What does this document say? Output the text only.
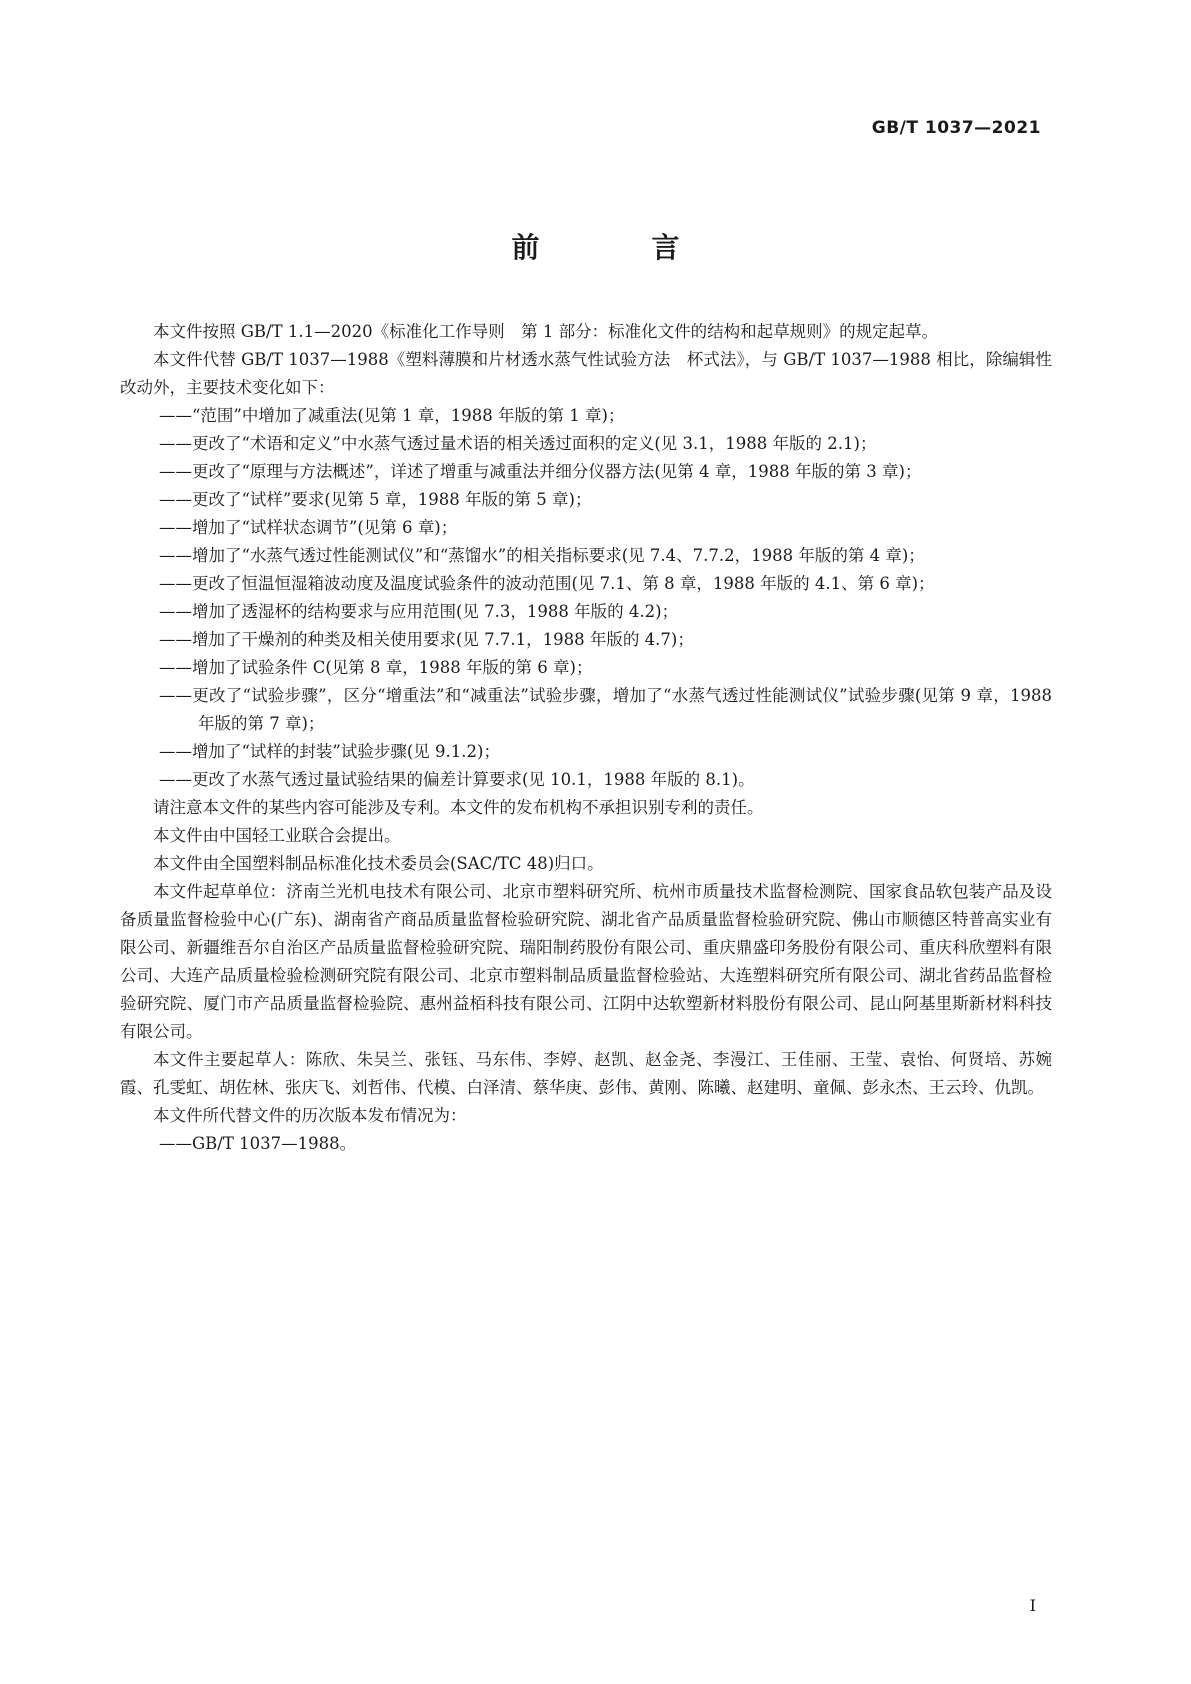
GB/T 1037—2021
前　言

本文件按照 GB/T 1.1—2020《标准化工作导则　第 1 部分：标准化文件的结构和起草规则》的规定起草。

本文件代替 GB/T 1037—1988《塑料薄膜和片材透水蒸气性试验方法　杯式法》，与 GB/T 1037—1988 相比，除编辑性改动外，主要技术变化如下：

——“范围”中增加了减重法(见第 1 章，1988 年版的第 1 章)；

——更改了“术语和定义”中水蒸气透过量术语的相关透过面积的定义(见 3.1，1988 年版的 2.1)；

——更改了“原理与方法概述”，详述了增重与减重法并细分仪器方法(见第 4 章，1988 年版的第 3 章)；

——更改了“试样”要求(见第 5 章，1988 年版的第 5 章)；

——增加了“试样状态调节”(见第 6 章)；

——增加了“水蒸气透过性能测试仪”和“蒸馏水”的相关指标要求(见 7.4、7.7.2，1988 年版的第 4 章)；

——更改了恒温恒湿箱波动度及温度试验条件的波动范围(见 7.1、第 8 章，1988 年版的 4.1、第 6 章)；

——增加了透湿杯的结构要求与应用范围(见 7.3，1988 年版的 4.2)；

——增加了干燥剂的种类及相关使用要求(见 7.7.1，1988 年版的 4.7)；

——增加了试验条件 C(见第 8 章，1988 年版的第 6 章)；

——更改了“试验步骤”，区分“增重法”和“减重法”试验步骤，增加了“水蒸气透过性能测试仪”试验步骤(见第 9 章，1988 年版的第 7 章)；

——增加了“试样的封装”试验步骤(见 9.1.2)；

——更改了水蒸气透过量试验结果的偏差计算要求(见 10.1，1988 年版的 8.1)。

请注意本文件的某些内容可能涉及专利。本文件的发布机构不承担识别专利的责任。

本文件由中国轻工业联合会提出。

本文件由全国塑料制品标准化技术委员会(SAC/TC 48)归口。

本文件起草单位：济南兰光机电技术有限公司、北京市塑料研究所、杭州市质量技术监督检测院、国家食品软包装产品及设备质量监督检验中心(广东)、湖南省产商品质量监督检验研究院、湖北省产品质量监督检验研究院、佛山市顺德区特普高实业有限公司、新疆维吾尔自治区产品质量监督检验研究院、瑞阳制药股份有限公司、重庆鼎盛印务股份有限公司、重庆科欣塑料有限公司、大连产品质量检验检测研究院有限公司、北京市塑料制品质量监督检验站、大连塑料研究所有限公司、湖北省药品监督检验研究院、厦门市产品质量监督检验院、惠州益栢科技有限公司、江阴中达软塑新材料股份有限公司、昆山阿基里斯新材料科技有限公司。

本文件主要起草人：陈欣、朱吴兰、张钰、马东伟、李婷、赵凯、赵金尧、李漫江、王佳丽、王莹、袁怡、何贤培、苏婉霞、孔雯虹、胡佐林、张庆飞、刘哲伟、代模、白泽清、蔡华庚、彭伟、黄刚、陈曦、赵建明、童佩、彭永杰、王云玲、仇凯。

本文件所代替文件的历次版本发布情况为：

——GB/T 1037—1988。

I
